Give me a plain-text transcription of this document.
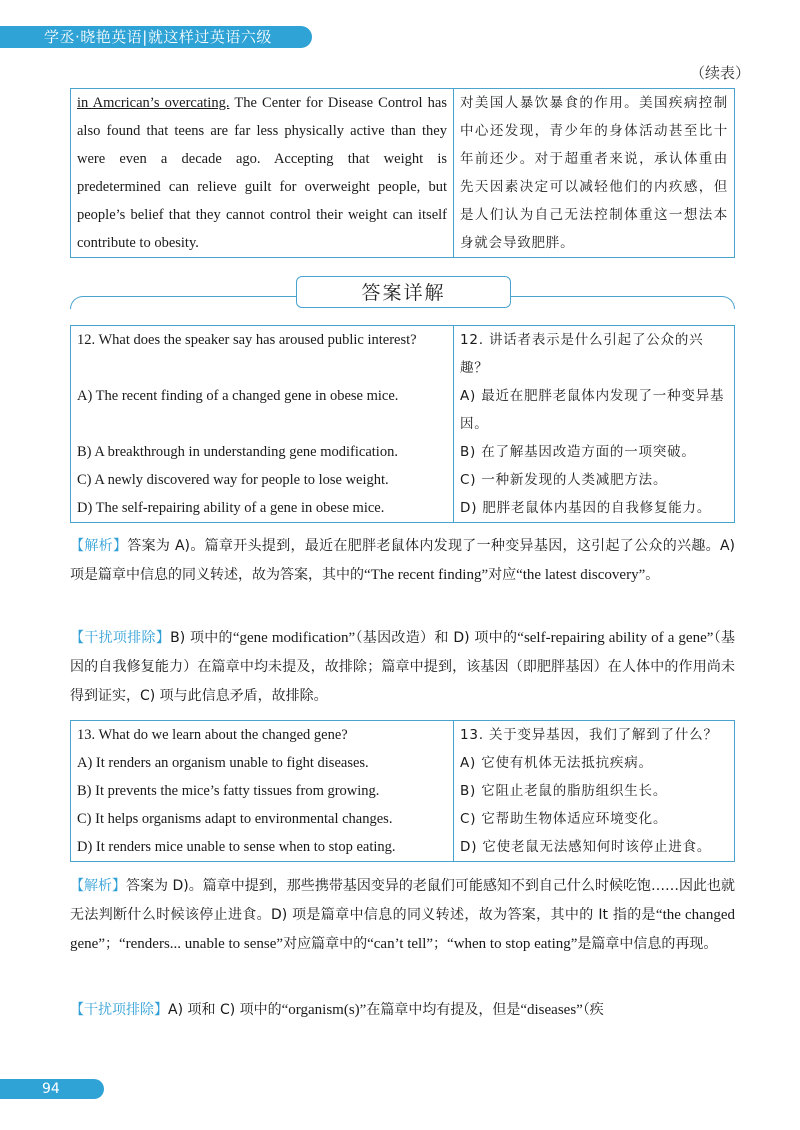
学丞·晓艳英语|就这样过英语六级
（续表）
in Amcrican’s overcating. The Center for Disease Control has also found that teens are far less physically active than they were even a decade ago. Accepting that weight is predetermined can relieve guilt for overweight people, but people’s belief that they cannot control their weight can itself contribute to obesity.	对美国人暴饮暴食的作用。美国疾病控制中心还发现，青少年的身体活动甚至比十年前还少。对于超重者来说，承认体重由先天因素决定可以减轻他们的内疚感，但是人们认为自己无法控制体重这一想法本身就会导致肥胖。
答案详解
12. What does the speaker say has aroused public interest?	12. 讲话者表示是什么引起了公众的兴趣？
A) The recent finding of a changed gene in obese mice.	A) 最近在肥胖老鼠体内发现了一种变异基因。
B) A breakthrough in understanding gene modification.	B) 在了解基因改造方面的一项突破。
C) A newly discovered way for people to lose weight.	C) 一种新发现的人类减肥方法。
D) The self-repairing ability of a gene in obese mice.	D) 肥胖老鼠体内基因的自我修复能力。
【解析】答案为 A)。篇章开头提到，最近在肥胖老鼠体内发现了一种变异基因，这引起了公众的兴趣。A) 项是篇章中信息的同义转述，故为答案，其中的“The recent finding”对应“the latest discovery”。
【干扰项排除】B) 项中的“gene modification”（基因改造）和 D) 项中的“self-repairing ability of a gene”（基因的自我修复能力）在篇章中均未提及，故排除；篇章中提到，该基因（即肥胖基因）在人体中的作用尚未得到证实，C) 项与此信息矛盾，故排除。
13. What do we learn about the changed gene?	13. 关于变异基因，我们了解到了什么？
A) It renders an organism unable to fight diseases.	A) 它使有机体无法抵抗疾病。
B) It prevents the mice’s fatty tissues from growing.	B) 它阻止老鼠的脂肪组织生长。
C) It helps organisms adapt to environmental changes.	C) 它帮助生物体适应环境变化。
D) It renders mice unable to sense when to stop eating.	D) 它使老鼠无法感知何时该停止进食。
【解析】答案为 D)。篇章中提到，那些携带基因变异的老鼠们可能感知不到自己什么时候吃饱……因此也就无法判断什么时候该停止进食。D) 项是篇章中信息的同义转述，故为答案，其中的 It 指的是“the changed gene”；“renders... unable to sense”对应篇章中的“can’t tell”；“when to stop eating”是篇章中信息的再现。
【干扰项排除】A) 项和 C) 项中的“organism(s)”在篇章中均有提及，但是“diseases”（疾
94
